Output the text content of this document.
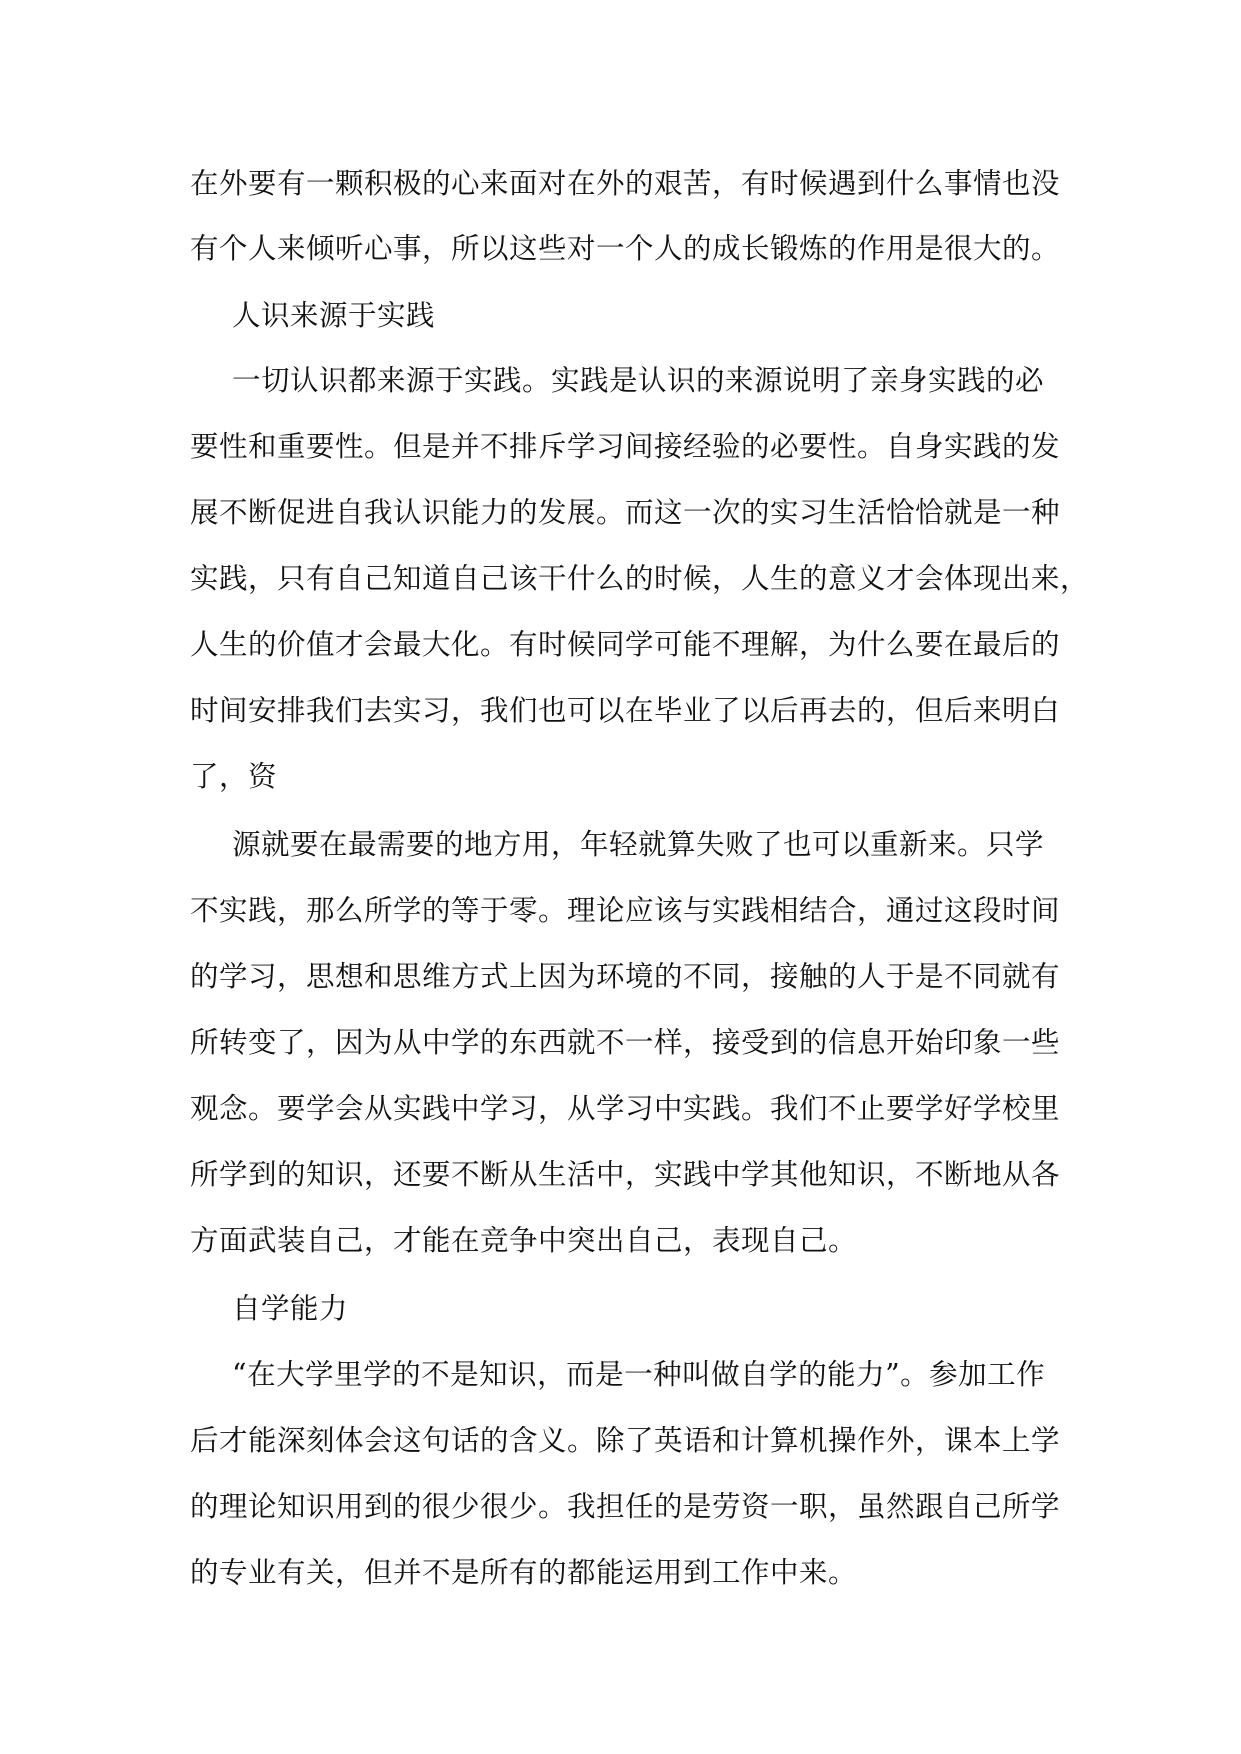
在外要有一颗积极的心来面对在外的艰苦，有时候遇到什么事情也没
有个人来倾听心事，所以这些对一个人的成长锻炼的作用是很大的。
人识来源于实践
一切认识都来源于实践。实践是认识的来源说明了亲身实践的必
要性和重要性。但是并不排斥学习间接经验的必要性。自身实践的发
展不断促进自我认识能力的发展。而这一次的实习生活恰恰就是一种
实践，只有自己知道自己该干什么的时候，人生的意义才会体现出来，
人生的价值才会最大化。有时候同学可能不理解，为什么要在最后的
时间安排我们去实习，我们也可以在毕业了以后再去的，但后来明白
了，资
源就要在最需要的地方用，年轻就算失败了也可以重新来。只学
不实践，那么所学的等于零。理论应该与实践相结合，通过这段时间
的学习，思想和思维方式上因为环境的不同，接触的人于是不同就有
所转变了，因为从中学的东西就不一样，接受到的信息开始印象一些
观念。要学会从实践中学习，从学习中实践。我们不止要学好学校里
所学到的知识，还要不断从生活中，实践中学其他知识，不断地从各
方面武装自己，才能在竞争中突出自己，表现自己。
自学能力
“在大学里学的不是知识，而是一种叫做自学的能力”。参加工作
后才能深刻体会这句话的含义。除了英语和计算机操作外，课本上学
的理论知识用到的很少很少。我担任的是劳资一职，虽然跟自己所学
的专业有关，但并不是所有的都能运用到工作中来。
